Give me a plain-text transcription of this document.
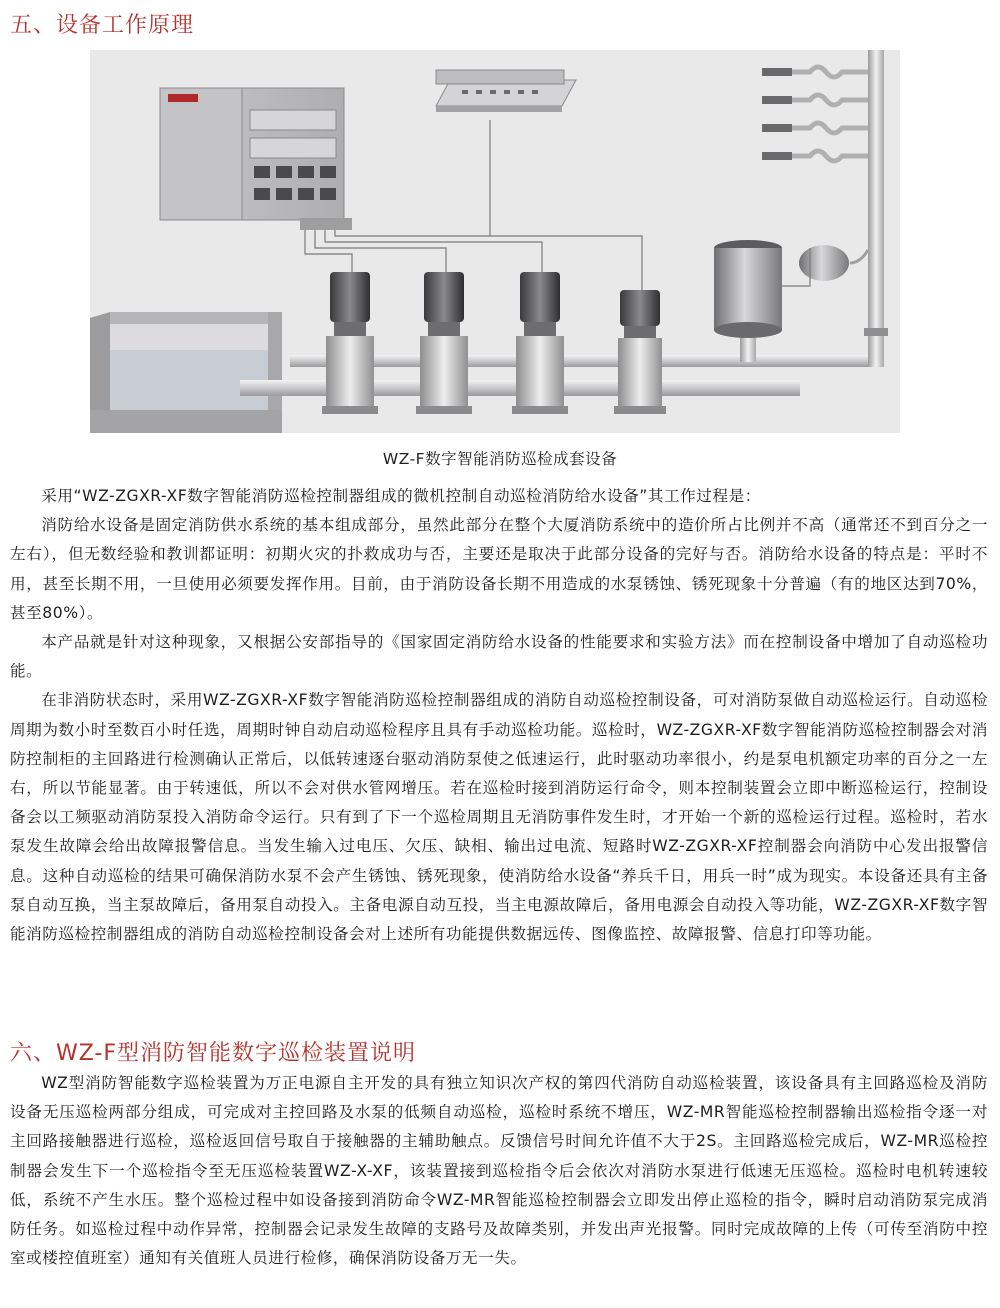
五、设备工作原理
WZ-F数字智能消防巡检成套设备

采用“WZ-ZGXR-XF数字智能消防巡检控制器组成的微机控制自动巡检消防给水设备”其工作过程是：

消防给水设备是固定消防供水系统的基本组成部分，虽然此部分在整个大厦消防系统中的造价所占比例并不高（通常还不到百分之一左右），但无数经验和教训都证明：初期火灾的扑救成功与否，主要还是取决于此部分设备的完好与否。消防给水设备的特点是：平时不用，甚至长期不用，一旦使用必须要发挥作用。目前，由于消防设备长期不用造成的水泵锈蚀、锈死现象十分普遍（有的地区达到70%，甚至80%）。

本产品就是针对这种现象，又根据公安部指导的《国家固定消防给水设备的性能要求和实验方法》而在控制设备中增加了自动巡检功能。

在非消防状态时，采用WZ-ZGXR-XF数字智能消防巡检控制器组成的消防自动巡检控制设备，可对消防泵做自动巡检运行。自动巡检周期为数小时至数百小时任选，周期时钟自动启动巡检程序且具有手动巡检功能。巡检时，WZ-ZGXR-XF数字智能消防巡检控制器会对消防控制柜的主回路进行检测确认正常后，以低转速逐台驱动消防泵使之低速运行，此时驱动功率很小，约是泵电机额定功率的百分之一左右，所以节能显著。由于转速低，所以不会对供水管网增压。若在巡检时接到消防运行命令，则本控制装置会立即中断巡检运行，控制设备会以工频驱动消防泵投入消防命令运行。只有到了下一个巡检周期且无消防事件发生时，才开始一个新的巡检运行过程。巡检时，若水泵发生故障会给出故障报警信息。当发生输入过电压、欠压、缺相、输出过电流、短路时WZ-ZGXR-XF控制器会向消防中心发出报警信息。这种自动巡检的结果可确保消防水泵不会产生锈蚀、锈死现象，使消防给水设备“养兵千日，用兵一时”成为现实。本设备还具有主备泵自动互换，当主泵故障后，备用泵自动投入。主备电源自动互投，当主电源故障后，备用电源会自动投入等功能，WZ-ZGXR-XF数字智能消防巡检控制器组成的消防自动巡检控制设备会对上述所有功能提供数据远传、图像监控、故障报警、信息打印等功能。

六、WZ-F型消防智能数字巡检装置说明

WZ型消防智能数字巡检装置为万正电源自主开发的具有独立知识次产权的第四代消防自动巡检装置，该设备具有主回路巡检及消防设备无压巡检两部分组成，可完成对主控回路及水泵的低频自动巡检，巡检时系统不增压，WZ-MR智能巡检控制器输出巡检指令逐一对主回路接触器进行巡检，巡检返回信号取自于接触器的主辅助触点。反馈信号时间允许值不大于2S。主回路巡检完成后，WZ-MR巡检控制器会发生下一个巡检指令至无压巡检装置WZ-X-XF，该装置接到巡检指令后会依次对消防水泵进行低速无压巡检。巡检时电机转速较低，系统不产生水压。整个巡检过程中如设备接到消防命令WZ-MR智能巡检控制器会立即发出停止巡检的指令，瞬时启动消防泵完成消防任务。如巡检过程中动作异常，控制器会记录发生故障的支路号及故障类别，并发出声光报警。同时完成故障的上传（可传至消防中控室或楼控值班室）通知有关值班人员进行检修，确保消防设备万无一失。
